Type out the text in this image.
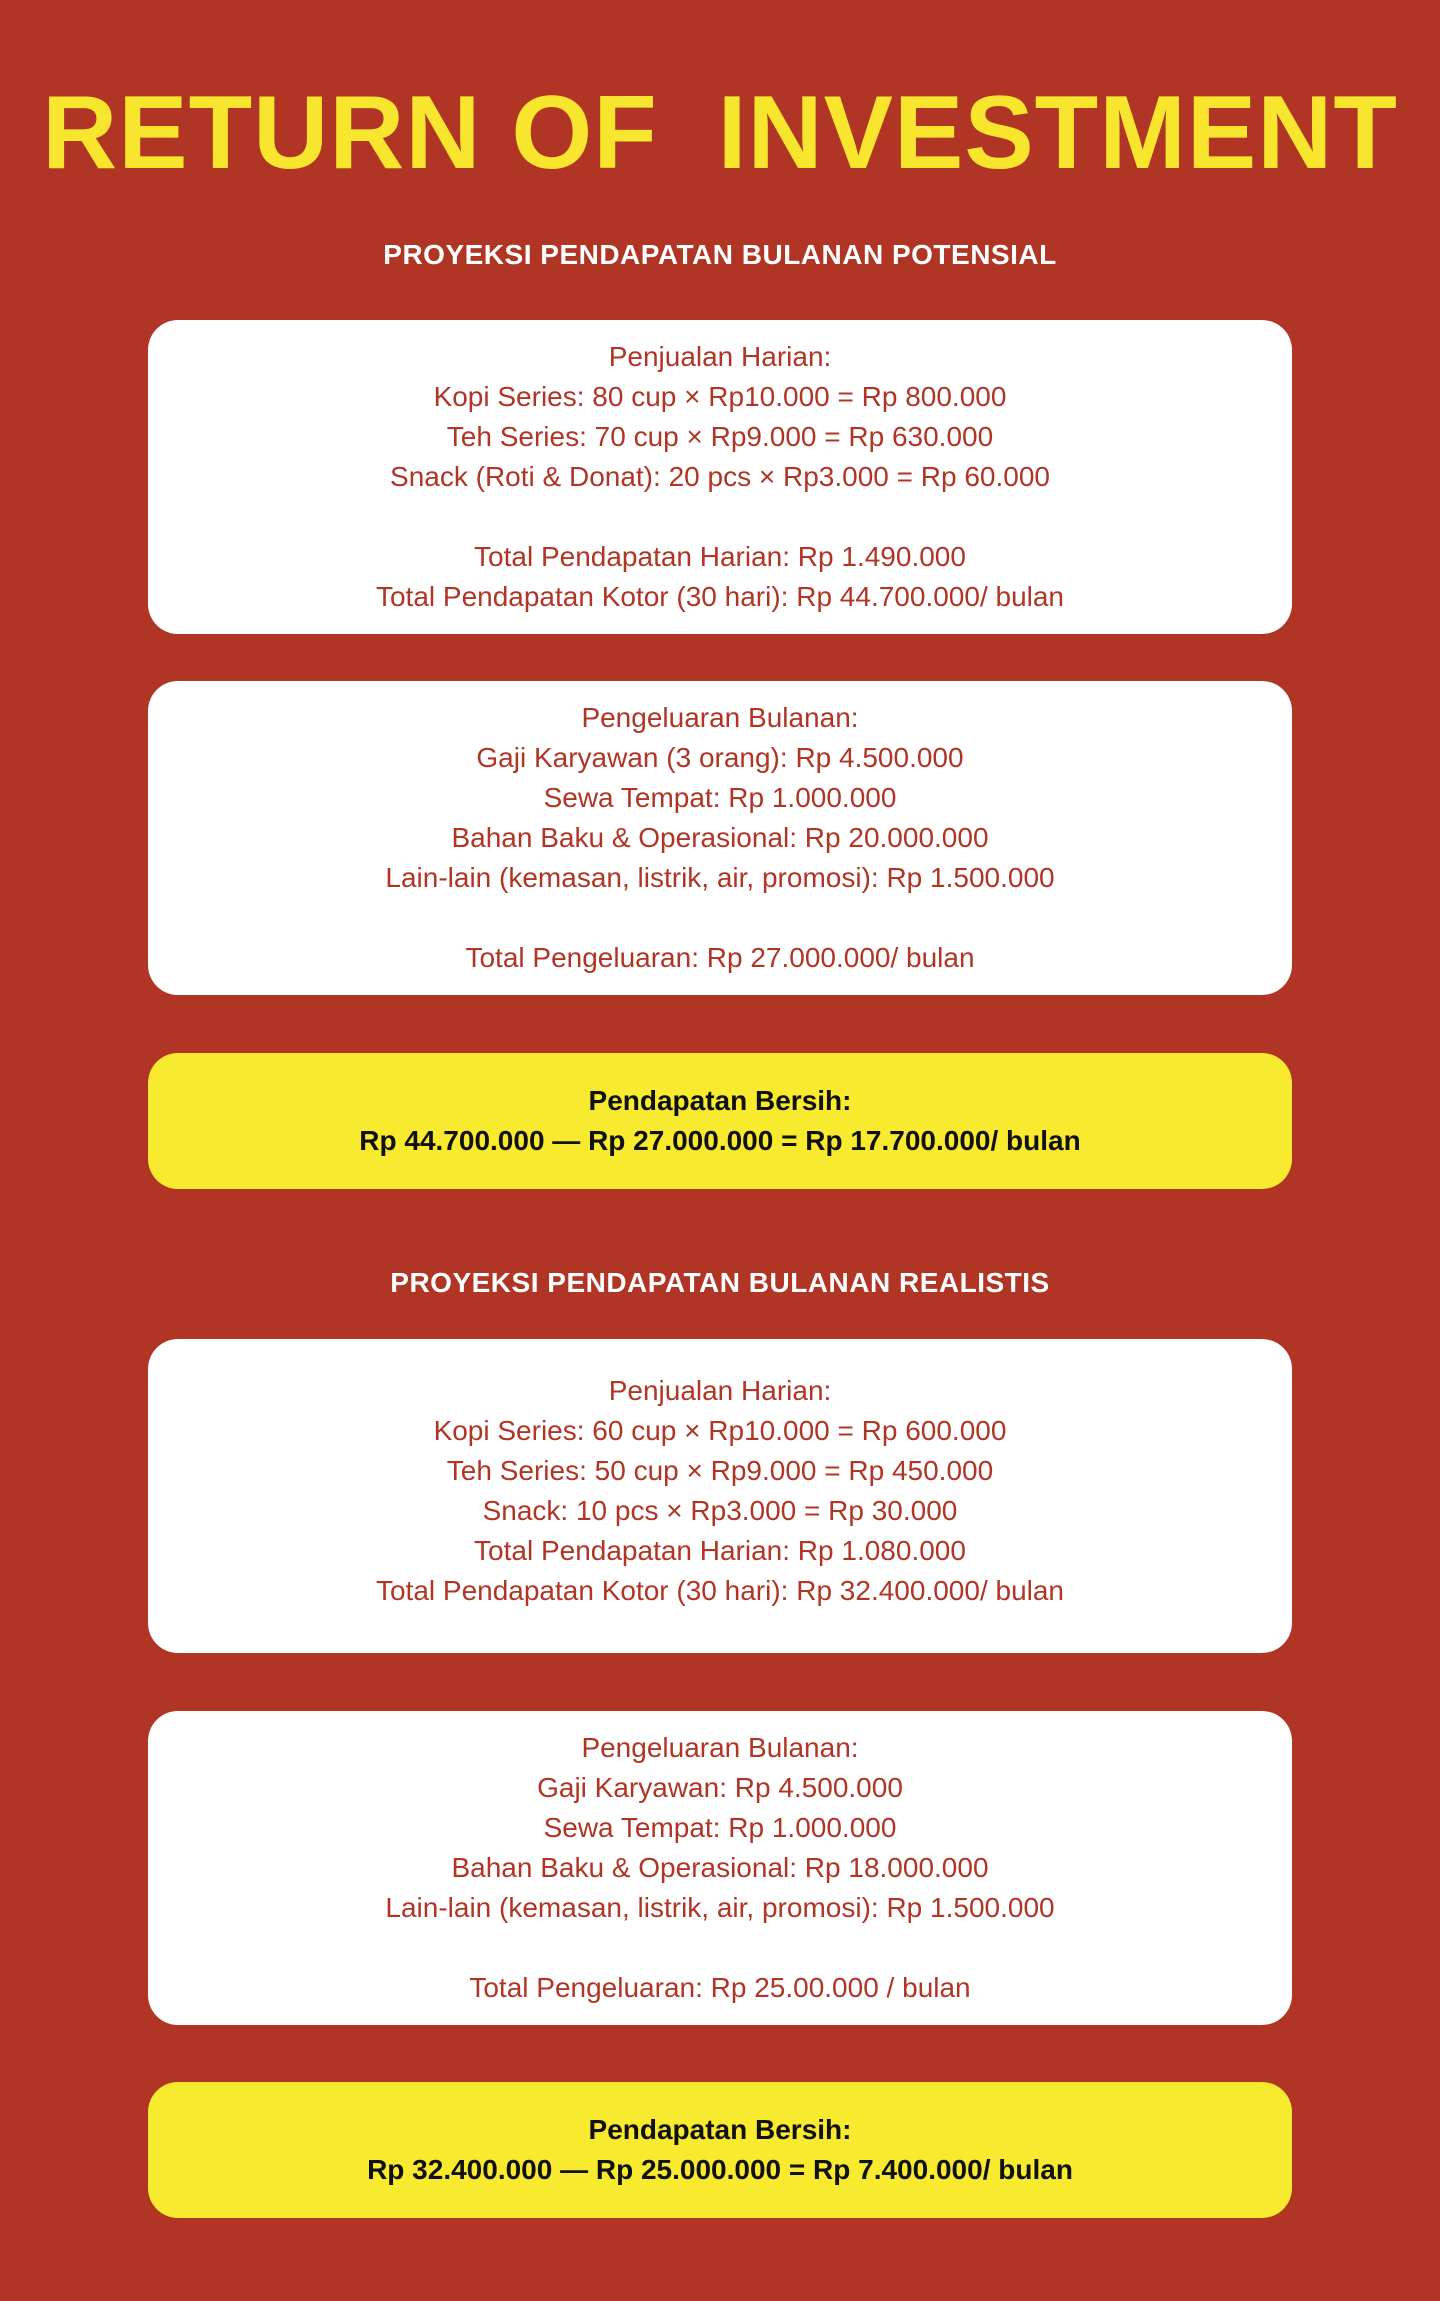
RETURN OF  INVESTMENT
PROYEKSI PENDAPATAN BULANAN POTENSIAL
Penjualan Harian:
Kopi Series: 80 cup × Rp10.000 = Rp 800.000
Teh Series: 70 cup × Rp9.000 = Rp 630.000
Snack (Roti & Donat): 20 pcs × Rp3.000 = Rp 60.000
Total Pendapatan Harian: Rp 1.490.000
Total Pendapatan Kotor (30 hari): Rp 44.700.000/ bulan
Pengeluaran Bulanan:
Gaji Karyawan (3 orang): Rp 4.500.000
Sewa Tempat: Rp 1.000.000
Bahan Baku & Operasional: Rp 20.000.000
Lain-lain (kemasan, listrik, air, promosi): Rp 1.500.000
Total Pengeluaran: Rp 27.000.000/ bulan
Pendapatan Bersih:
Rp 44.700.000 — Rp 27.000.000 = Rp 17.700.000/ bulan
PROYEKSI PENDAPATAN BULANAN REALISTIS
Penjualan Harian:
Kopi Series: 60 cup × Rp10.000 = Rp 600.000
Teh Series: 50 cup × Rp9.000 = Rp 450.000
Snack: 10 pcs × Rp3.000 = Rp 30.000
Total Pendapatan Harian: Rp 1.080.000
Total Pendapatan Kotor (30 hari): Rp 32.400.000/ bulan
Pengeluaran Bulanan:
Gaji Karyawan: Rp 4.500.000
Sewa Tempat: Rp 1.000.000
Bahan Baku & Operasional: Rp 18.000.000
Lain-lain (kemasan, listrik, air, promosi): Rp 1.500.000
Total Pengeluaran: Rp 25.00.000 / bulan
Pendapatan Bersih:
Rp 32.400.000 — Rp 25.000.000 = Rp 7.400.000/ bulan
